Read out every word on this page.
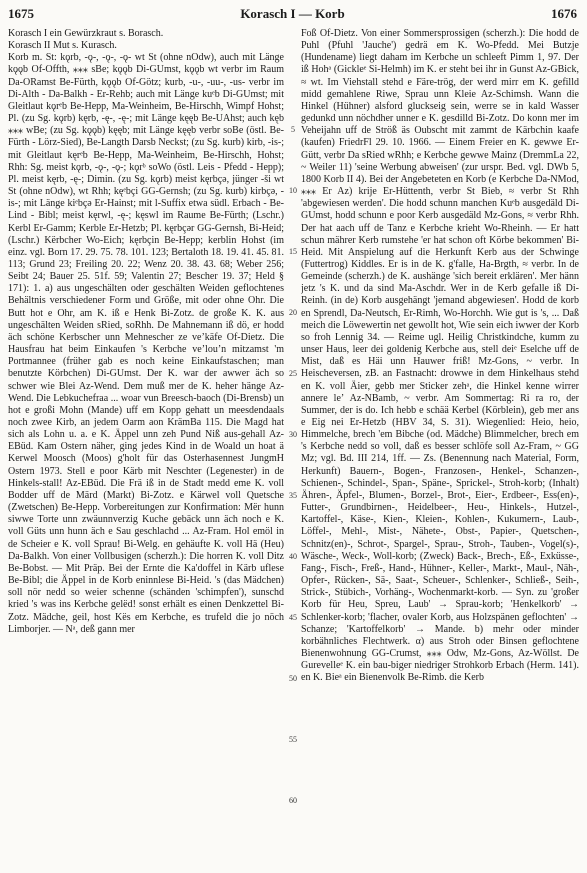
1675	Korasch I — Korb	1676

Korasch I ein Gewürzkraut s. Borasch.

Korasch II Mut s. Kurasch.

Korb m. St: kǫrb, -ǫ-, -ǫ-, -ǫ- wt St (ohne nOdw), auch mit Länge kǫǫb Of-Offth, ⁎⁎⁎ sBe; kǫǫb Di-GUmst, kǫǫb wt verbr im Raum Da-ORamst Be-Fürth, kǫǫb Of-Götz; kurb, -u-, -uu-, -us- verbr im Di-Alth - Da-Balkh - Er-Rehb; auch mit Länge kuᵉb Di-GUmst; mit Gleitlaut kǫrᵉb Be-Hepp, Ma-Weinheim, Be-Hirschh, Wimpf Hohst; Pl. (zu Sg. kǫrb) kęrb, -ę-, -ę-; mit Länge kęęb Be-UAhst; auch kęb ⁎⁎⁎ wBe; (zu Sg. kǫǫb) kęęb; mit Länge kęęb verbr soBe (östl. Be-Fürth - Lörz-Sied), Be-Langth Darsb Neckst; (zu Sg. kurb) kirb, -is-; mit Gleitlaut kęrᵉb Be-Hepp, Ma-Weinheim, Be-Hirschh, Hohst; Rhh: Sg. meist kǫrb, -ǫ-, -ǫ-; kǫrᵇ soWo (östl. Leis - Pfedd - Hepp); Pl. meist kęrb, -ę-; Dimin. (zu Sg. kǫrb) meist kęrbçə, jünger -ši wt St (ohne nOdw), wt Rhh; kęᵉbçi GG-Gernsh; (zu Sg. kurb) kirbçə, -is-; mit Länge kiᵉbçə Er-Hainst; mit l-Suffix etwa südl. Erbach - Be-Lind - Bibl; meist kęrwl, -ę-; kęswl im Raume Be-Fürth; (Lschr.) Kerbl Er-Gamm; Kerble Er-Hetzb; Pl. kęrbçər GG-Gernsh, Bi-Heid; (Lschr.) Kërbcher Wo-Eich; kęrbçin Be-Hepp; kerblin Hohst (im einz. vgl. Born 17. 29. 75. 78. 101. 123; Bertaloth 18. 19. 41. 45. 81. 113; Grund 23; Freiling 20. 22; Wenz 20. 38. 43. 68; Weber 256; Seibt 24; Bauer 25. 51f. 59; Valentin 27; Bescher 19. 37; Held § 171): 1. a) aus ungeschälten oder geschälten Weiden geflochtenes Behältnis verschiedener Form und Größe, mit oder ohne Ohr. Die Butt hot e Ohr, am K. iß e Henk Bi-Zotz. de große K. K. aus ungeschälten Weiden sRied, soRhh. De Mahnemann iß dö, er hodd äch schöne Kerbscher unn Mehnescher ze veʼkäfe Of-Dietz. Die Hausfrau hat beim Einkaufen 's Kerbche veʼlouʼn mitzamst 'm Portmannee (früher gab es noch keine Einkaufstaschen; man benutzte Körbchen) Di-GUmst. Der K. war der awwer äch so schwer wie Blei Az-Wend. Dem muß mer de K. heher hänge Az-Wend. Die Lebkuchefraa ... woar vun Breesch-baoch (Di-Brensb) un hot e großi Mohn (Mande) uff em Kopp gehatt un meesdendaals noch zwee Kirb, an jedem Oarm aon KrämBa 115. Die Magd hat sich als Lohn u. a. e K. Äppel unn zeh Pund Niß aus-gehall Az-EBüd. Kam Ostern näher, ging jedes Kind in de Woald un hoat ä Kerwel Moosch (Moos) g'holt für das Osterhasennest JungmH Ostern 1973. Stell e poor Kärb mit Neschter (Legenester) in de Hinkels-stall! Az-EBüd. Die Frä iß in de Stadt medd eme K. voll Bodder uff de Märd (Markt) Bi-Zotz. e Kärwel voll Quetsche (Zwetschen) Be-Hepp. Vorbereitungen zur Konfirmation: Mër hunn siwwe Torte unn zwäunnverzig Kuche gebäck unn äch noch e K. voll Güts unn hunn äch e Sau geschlachd ... Az-Fram. Hol emöl in de Scheier e K. voll Sprau! Bi-Welg. en gehäufte K. voll Hä (Heu) Da-Balkh. Von einer Vollbusigen (scherzh.): Die horren K. voll Ditz Be-Bobst. — Mit Präp. Bei der Ernte die Ka'doffel in Kärb uflese Be-Bibl; die Äppel in de Korb eninnlese Bi-Heid. 's (das Mädchen) soll nör nedd so weier schenne (schänden 'schimpfen'), sunschd kried 's was ins Kerbche gelëd! sonst erhält es einen Denkzettel Bi-Zotz. Mädche, geil, host Kës em Kerbche, es trufeld die jo nöch Limborjer. — Nᵃ, deß gann mer

5
10
15
20
25
30
35
40
45
50
55
60

Foß Of-Dietz. Von einer Sommersprossigen (scherzh.): Die hodd de Puhl (Pfuhl 'Jauche') gedrä em K. Wo-Pfedd. Mei Butzje (Hundename) liegt daham im Kerbche un schleeft Pimm 1, 97. Der iß Hohᵃ (Gickleᵉ Si-Helmh) im K. er steht bei ihr in Gunst Az-GBick, ≈ wt. Im Viehstall stehd e Färe-trög, der werd mirr em K. gefilld midd gemahlene Riwe, Sprau unn Kleie Az-Schimsh. Wann die Hinkel (Hühner) alsford gluckseig sein, werre se in kald Wasser gedunkd unn nöchdher unner e K. gesdilld Bi-Zotz. Do konn mer im Veheijahn uff de Ströß äs Oubscht mit zammt de Kärbchin kaafe (kaufen) FriedrFl 29. 10. 1966. — Einem Freier en K. gewwe Er-Gütt, verbr Da sRied wRhh; e Kerbche gewwe Mainz (DremmLa 22, ~ Weiler 11) 'seine Werbung abweisen' (zur urspr. Bed. vgl. DWb 5, 1800 Korb II 4). Bei der Angebeteten en Korb (e Kerbche Da-NMod, ⁎⁎⁎ Er Az) krije Er-Hüttenth, verbr St Bieb, ≈ verbr St Rhh 'abgewiesen werden'. Die hodd schunn manchen Kuᵉb ausgedäld Di-GUmst, hodd schunn e poor Kerb ausgedäld Mz-Gons, ≈ verbr Rhh. Der hat aach uff de Tanz e Kerbche krieht Wo-Rheinh. — Er hatt schun mährer Kerb rumstehe 'er hat schon oft Körbe bekommen' Bi-Heid. Mit Anspielung auf die Herkunft Kerb aus der Schwinge (Futtertrog) Kiddles. Er is in de K. g'falle, Ha-Brgth, ≈ verbr. In de Gemeinde (scherzh.) de K. aushänge 'sich bereit erklären'. Mer hänn jetz 's K. und da sind Ma-Aschdr. Wer in de Kerb gefalle iß Di-Reinh. (in de) Korb ausgehängt 'jemand abgewiesen'. Hodd de korb en Sprendl, Da-Neutsch, Er-Rimh, Wo-Horchh. Wie gut is 's, ... Daß meich die Löwewertin net gewollt hot, Wie sein eich iwwer der Korb so froh Lennig 34. — Reime ugl. Heilig Christkindche, kumm zu unser Haus, leer dei goldenig Kerbche aus, stell deiᵉ Eselche uff de Mist, daß es Häi unn Hauwer friß! Mz-Gons, ~ verbr. In Heischeversen, zB. an Fastnacht: drowwe in dem Hinkelhaus stehd en K. voll Äier, gebb mer Sticker zehᵃ, die Hinkel kenne wirrer annere leʼ Az-NBamb, ~ verbr. Am Sommertag: Ri ra ro, der Summer, der is do. Ich hebb e schää Kerbel (Körblein), geb mer ans e Eig nei Er-Hetzb (HBV 34, S. 31). Wiegenlied: Heio, heio, Himmelche, brech 'em Bibche (od. Mädche) Blimmelcher, brech em 's Kerbche nedd so voll, daß es besser schlöfe soll Az-Fram, ~ GG Mz; vgl. Bd. III 214, 1ff. — Zs. (Benennung nach Material, Form, Herkunft) Bauern-, Bogen-, Franzosen-, Henkel-, Schanzen-, Schienen-, Schindel-, Span-, Späne-, Sprickel-, Stroh-korb; (Inhalt) Ähren-, Äpfel-, Blumen-, Borzel-, Brot-, Eier-, Erdbeer-, Ess(en)-, Futter-, Grundbirnen-, Heidelbeer-, Heu-, Hinkels-, Hutzel-, Kartoffel-, Käse-, Kien-, Kleien-, Kohlen-, Kukumern-, Laub-, Löffel-, Mehl-, Mist-, Nähete-, Obst-, Papier-, Quetschen-, Schnitz(en)-, Schrot-, Spargel-, Sprau-, Stroh-, Tauben-, Vogel(s)-, Wäsche-, Weck-, Woll-korb; (Zweck) Back-, Brech-, Eß-, Exküsse-, Fang-, Fisch-, Freß-, Hand-, Hühner-, Keller-, Markt-, Maul-, Näh-, Opfer-, Rücken-, Sä-, Saat-, Scheuer-, Schlenker-, Schließ-, Seih-, Strick-, Stübich-, Vorhäng-, Wochenmarkt-korb. — Syn. zu 'großer Korb für Heu, Spreu, Laub' → Sprau-korb; 'Henkelkorb' → Schlenker-korb; 'flacher, ovaler Korb, aus Holzspänen geflochten' → Schanze; 'Kartoffelkorb' → Mande. b) mehr oder minder korbähnliches Flechtwerk. α) aus Stroh oder Binsen geflochtene Bienenwohnung GG-Crumst, ⁎⁎⁎ Odw, Mz-Gons, Az-Wöllst. De Gurevelleᵉ K. ein bau-biger niedriger Strohkorb Erbach (Herm. 141). en K. Bieᵃ ein Bienenvolk Be-Rimb. die Kerb
